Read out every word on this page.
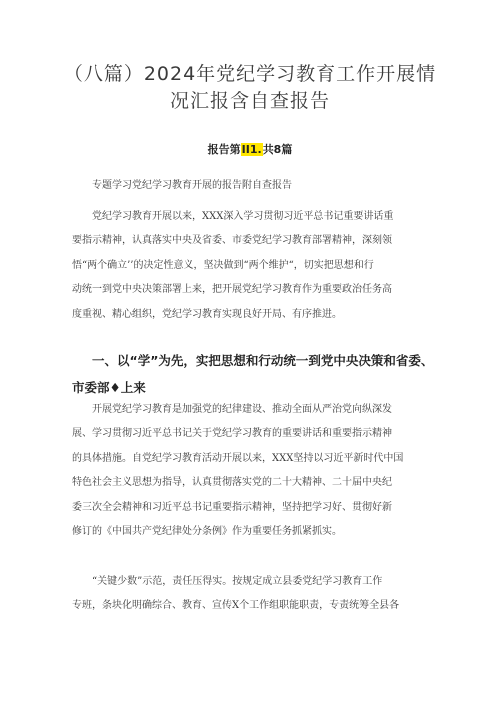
（八篇）2024年党纪学习教育工作开展情
况汇报含自查报告
报告第II1.共8篇
专题学习党纪学习教育开展的报告附自查报告
党纪学习教育开展以来，XXX深入学习贯彻习近平总书记重要讲话重
要指示精神，认真落实中央及省委、市委党纪学习教育部署精神，深刻领
悟“两个确立’’的决定性意义，坚决做到“两个维护“，切实把思想和行
动统一到党中央决策部署上来，把开展党纪学习教育作为重要政治任务高
度重视、精心组织，党纪学习教育实现良好开局、有序推进。
一、以“学”为先，实把思想和行动统一到党中央决策和省委、
市委部♦上来
开展党纪学习教育是加强党的纪律建设、推动全面从严治党向纵深发
展、学习贯彻习近平总书记关于党纪学习教育的重要讲话和重要指示精神
的具体措施。自党纪学习教育活动开展以来，XXX坚持以习近平新时代中国
特色社会主义思想为指导，认真贯彻落实党的二十大精神、二十届中央纪
委三次全会精神和习近平总书记重要指示精神，坚持把学习好、贯彻好新
修订的《中国共产党纪律处分条例》作为重要任务抓紧抓实。
“关键少数”示范，责任压得实。按规定成立县委党纪学习教育工作
专班，条块化明确综合、教育、宣传X个工作组职能职责，专责统筹全县各
